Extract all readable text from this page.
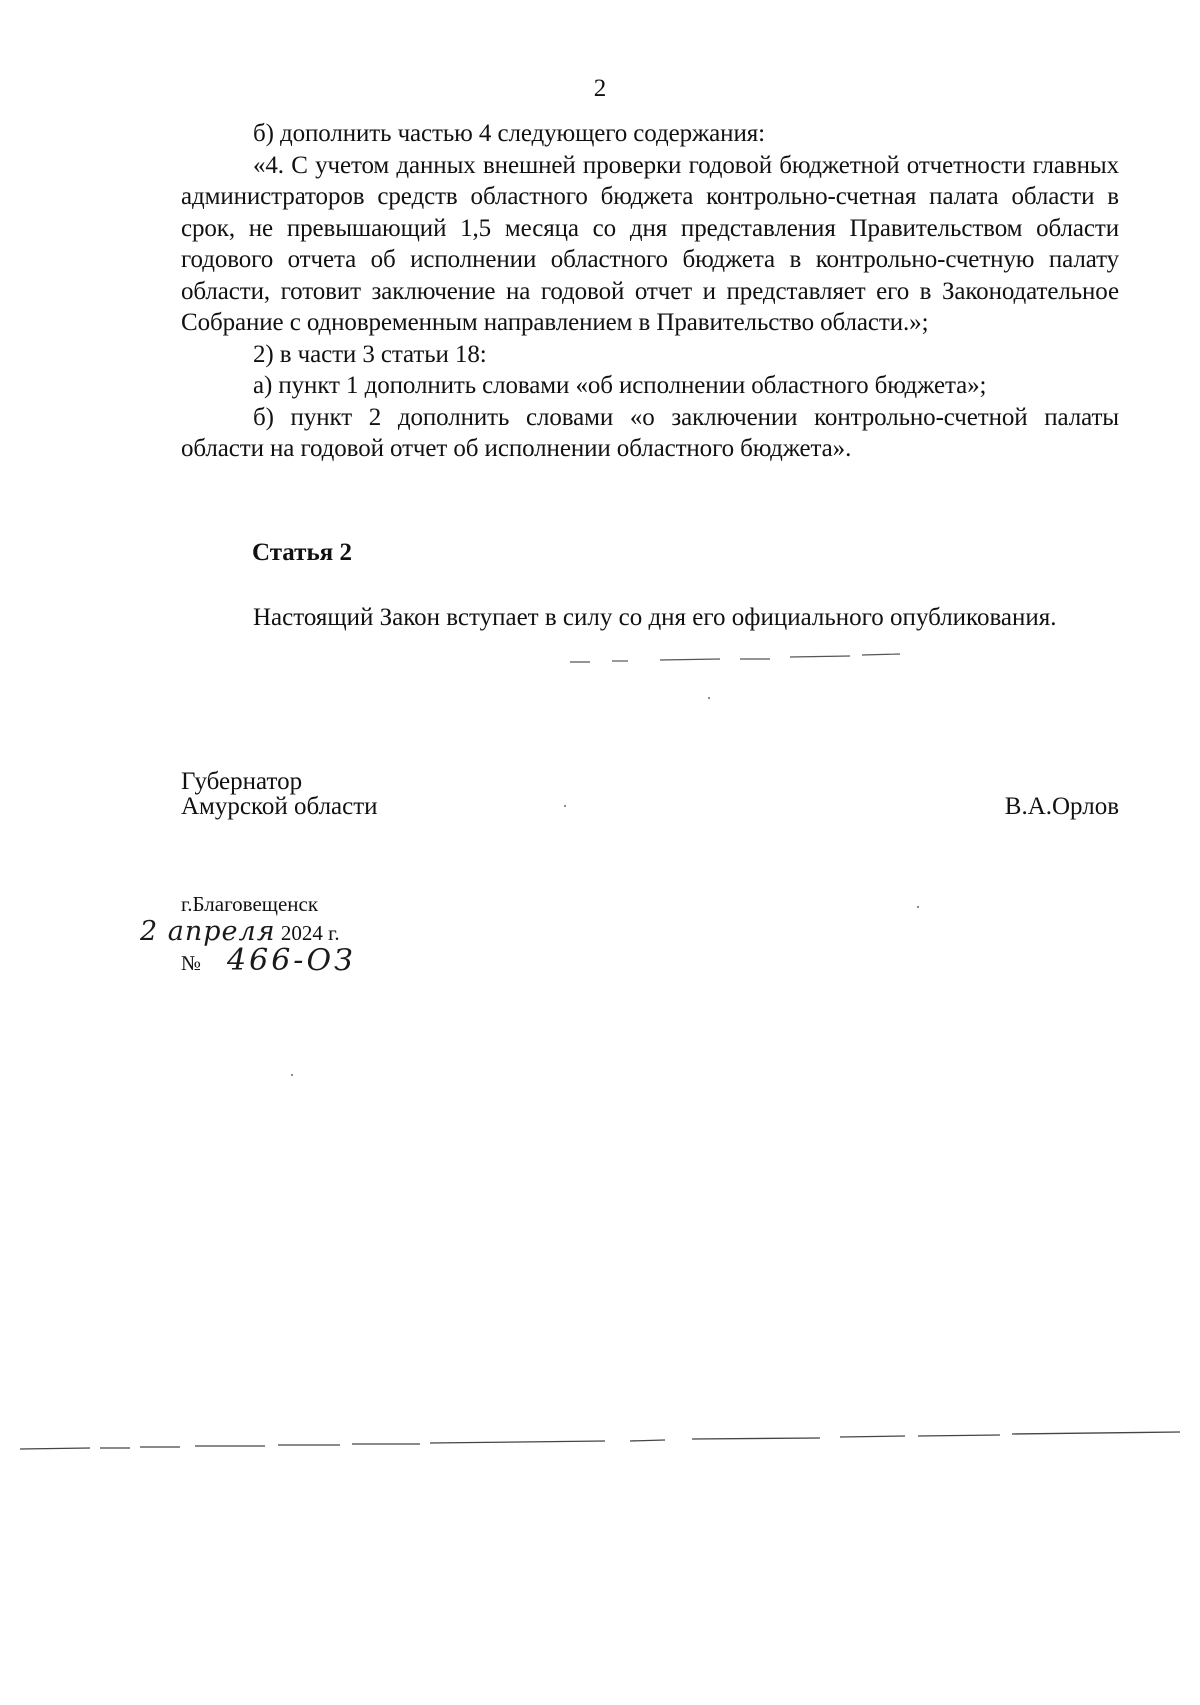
2

б) дополнить частью 4 следующего содержания:

«4. С учетом данных внешней проверки годовой бюджетной отчетности главных администраторов средств областного бюджета контрольно-счетная палата области в срок, не превышающий 1,5 месяца со дня представления Правительством области годового отчета об исполнении областного бюджета в контрольно-счетную палату области, готовит заключение на годовой отчет и представляет его в Законодательное Собрание с одновременным направлением в Правительство области.»;

2) в части 3 статьи 18:

а) пункт 1 дополнить словами «об исполнении областного бюджета»;

б) пункт 2 дополнить словами «о заключении контрольно-счетной палаты области на годовой отчет об исполнении областного бюджета».

Статья 2

Настоящий Закон вступает в силу со дня его официального опубликования.

Губернатор
Амурской области	В.А.Орлов
г.Благовещенск
2 апреля 2024 г.
№ 466-ОЗ
